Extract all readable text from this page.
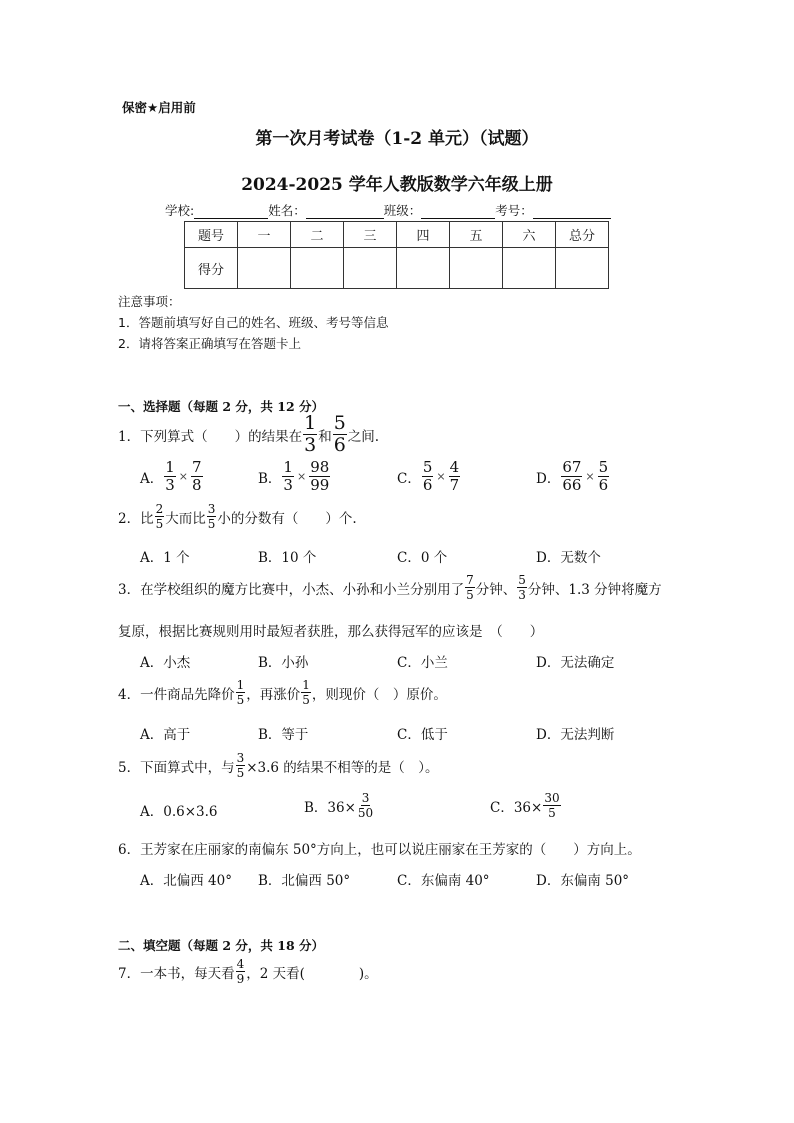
保密★启用前
第一次月考试卷（1-2 单元）（试题）
2024-2025 学年人教版数学六年级上册
学校:	姓名：	班级：	考号：
题号	一	二	三	四	五	六	总分
得分							
注意事项：
1．答题前填写好自己的姓名、班级、考号等信息
2．请将答案正确填写在答题卡上
一、选择题（每题 2 分，共 12 分）
1．下列算式（　　）的结果在 $\frac{1}{3}$ 和 $\frac{5}{6}$ 之间.
A． $\frac{1}{3} \times \frac{7}{8}$	B． $\frac{1}{3} \times \frac{98}{99}$	C． $\frac{5}{6} \times \frac{4}{7}$	D． $\frac{67}{66} \times \frac{5}{6}$
2．比 $\frac{2}{5}$ 大而比 $\frac{3}{5}$ 小的分数有（　　）个.
A．1 个	B．10 个	C．0 个	D．无数个
3．在学校组织的魔方比赛中，小杰、小孙和小兰分别用了 $\frac{7}{5}$ 分钟、 $\frac{5}{3}$ 分钟、1.3 分钟将魔方
复原，根据比赛规则用时最短者获胜，那么获得冠军的应该是　（　　）
A．小杰	B．小孙	C．小兰	D．无法确定
4．一件商品先降价 $\frac{1}{5}$ ，再涨价 $\frac{1}{5}$ ，则现价（　）原价。
A．高于	B．等于	C．低于	D．无法判断
5．下面算式中，与 $\frac{3}{5} \times 3.6$ 的结果不相等的是（　）。
A．0.6×3.6	B．$36\times \frac{3}{50}$	C．$36\times \frac{30}{5}$
6．王芳家在庄丽家的南偏东 50°方向上，也可以说庄丽家在王芳家的（　　）方向上。
A．北偏西 40° B．北偏西 50°	C．东偏南 40°	D．东偏南 50°
二、填空题（每题 2 分，共 18 分）
7．一本书，每天看 $\frac{4}{9}$ ，2 天看(　　　　)。
